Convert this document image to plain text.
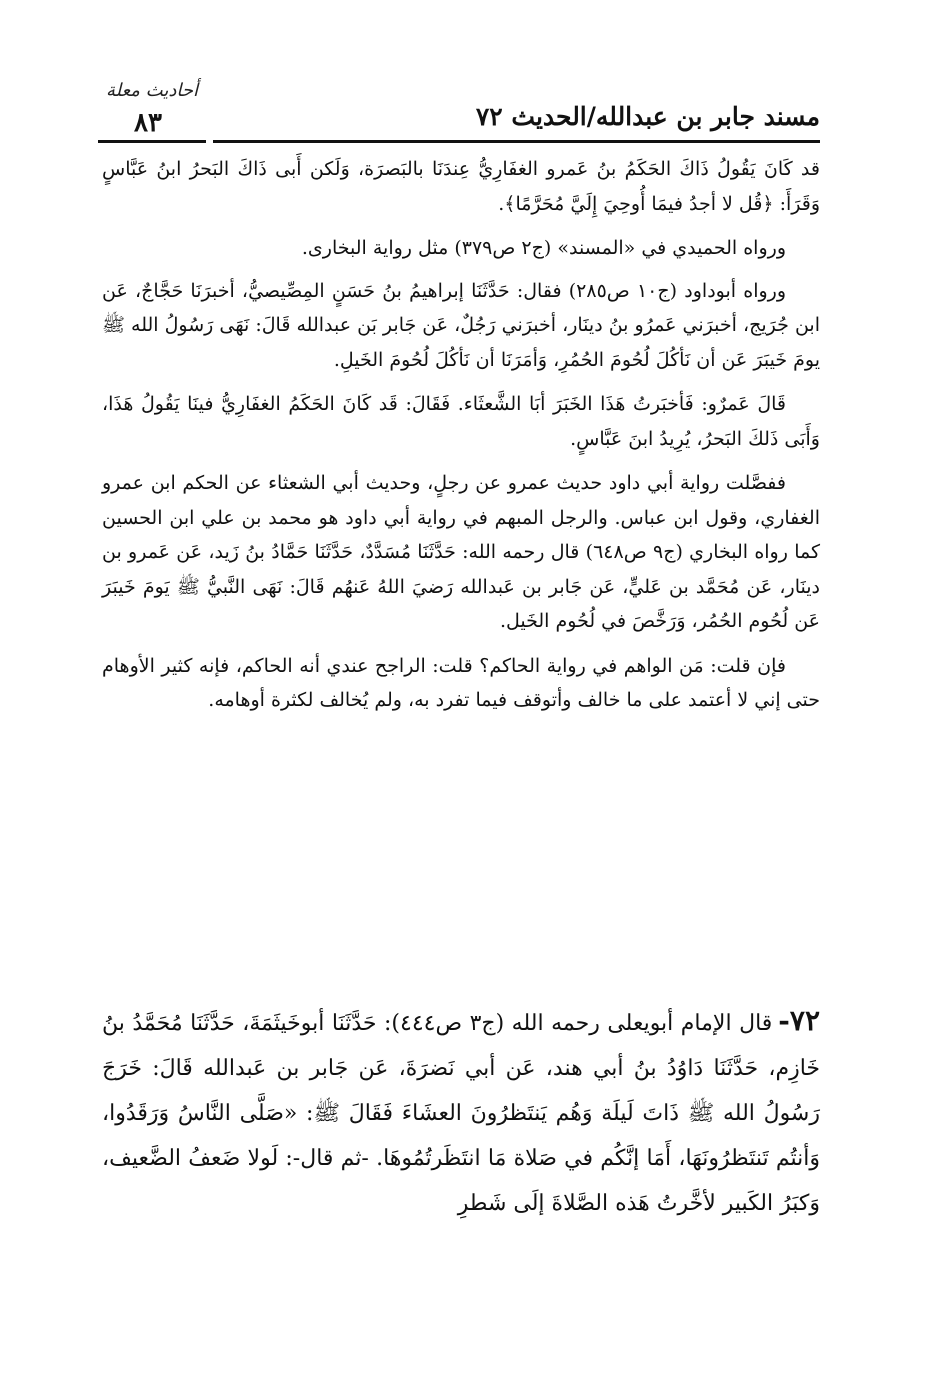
أحاديث معلة
٨٣	مسند جابر بن عبدالله/الحديث ٧٢

قد كَانَ يَقُولُ ذَاكَ الحَكَمُ بنُ عَمرو الغفَارِيُّ عِندَنَا بالبَصرَة، وَلَكن أَبى ذَاكَ البَحرُ ابنُ عَبَّاسٍ وَقَرَأَ: ﴿قُل لا أجدُ فيمَا أُوحِيَ إِلَيَّ مُحَرَّمًا﴾.

ورواه الحميدي في «المسند» (ج٢ ص٣٧٩) مثل رواية البخارى.

ورواه أبوداود (ج١٠ ص٢٨٥) فقال: حَدَّثَنَا إبراهيمُ بنُ حَسَنٍ المِصِّيصيُّ، أخبرَنَا حَجَّاجٌ، عَن ابن جُرَيج، أخبرَني عَمرُو بنُ دينَار، أخبرَني رَجُلٌ، عَن جَابر بَن عبدالله قَالَ: نَهَى رَسُولُ الله ﷺ يومَ خَيبَرَ عَن أن نَأكُلَ لُحُومَ الحُمُرِ، وَأمَرَنَا أن نَأكُلَ لُحُومَ الخَيلِ.

قَالَ عَمرٌو: فَأخبَرتُ هَذَا الخَبَرَ أبَا الشَّعثَاء. فَقَالَ: قَد كَانَ الحَكَمُ الغفَارِيُّ فينَا يَقُولُ هَذَا، وَأَبَى ذَلكَ البَحرُ، يُرِيدُ ابنَ عَبَّاسٍ.

ففصَّلت رواية أبي داود حديث عمرو عن رجلٍ، وحديث أبي الشعثاء عن الحكم ابن عمرو الغفاري، وقول ابن عباس. والرجل المبهم في رواية أبي داود هو محمد بن علي ابن الحسين كما رواه البخاري (ج٩ ص٦٤٨) قال رحمه الله: حَدَّثَنَا مُسَدَّدٌ، حَدَّثَنَا حَمَّادُ بنُ زَيد، عَن عَمرو بن دينَار، عَن مُحَمَّد بن عَليٍّ، عَن جَابر بن عَبدالله رَضيَ اللهُ عَنهُم قَالَ: نَهَى النَّبيُّ ﷺ يَومَ خَيبَرَ عَن لُحُوم الحُمُر، وَرَخَّصَ في لُحُوم الخَيل.

فإن قلت: مَن الواهم في رواية الحاكم؟ قلت: الراجح عندي أنه الحاكم، فإنه كثير الأوهام حتى إني لا أعتمد على ما خالف وأتوقف فيما تفرد به، ولم يُخالف لكثرة أوهامه.

٧٢-قال الإمام أبويعلى رحمه الله (ج٣ ص٤٤٤): حَدَّثَنَا أبوخَيثَمَةَ، حَدَّثَنَا مُحَمَّدُ بنُ خَازِم، حَدَّثَنَا دَاوُدُ بنُ أبي هند، عَن أبي نَضرَةَ، عَن جَابر بن عَبدالله قَالَ: خَرَجَ رَسُولُ الله ﷺ ذَاتَ لَيلَة وَهُم يَنتَظرُونَ العشَاءَ فَقَالَ ﷺ: «صَلَّى النَّاسُ وَرَقَدُوا، وَأنتُم تَنتَظرُونَهَا، أَمَا إنَّكُم في صَلاة مَا انتَظَرتُمُوهَا. -ثم قال-: لَولا ضَعفُ الضَّعيف، وَكبَرُ الكَبير لأخَّرتُ هَذه الصَّلاةَ إلَى شَطرِ
